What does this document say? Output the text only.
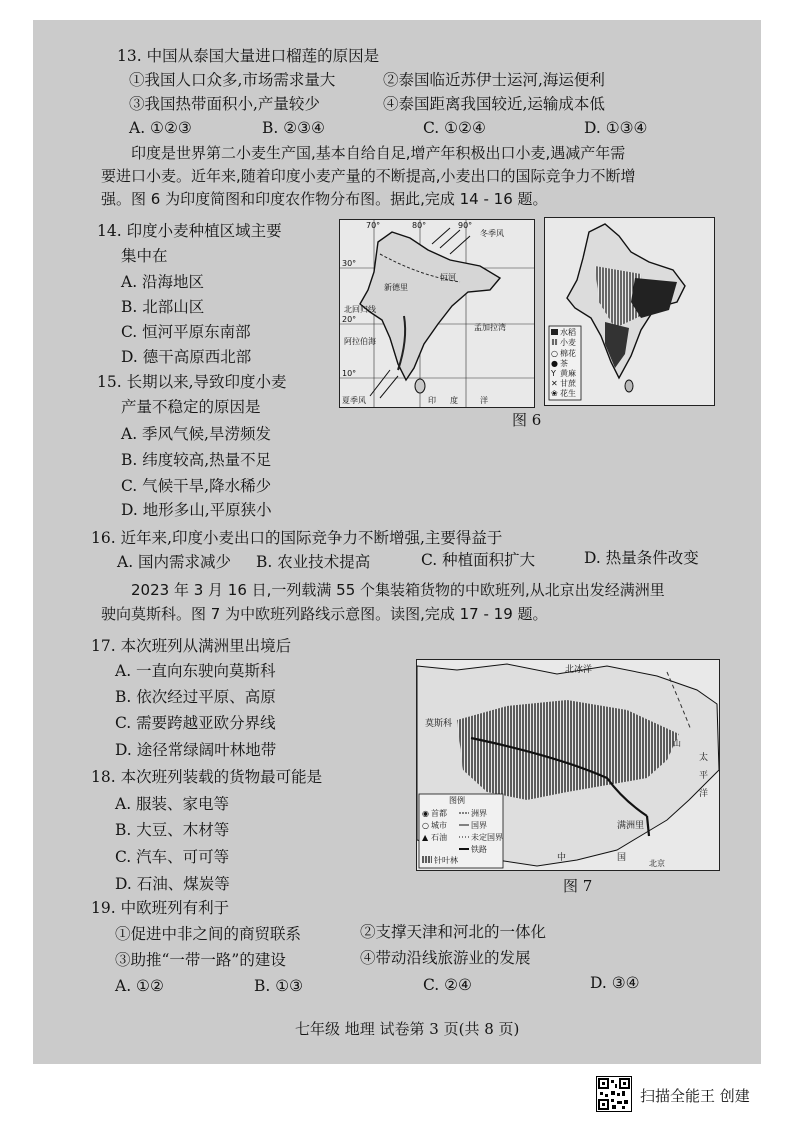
13. 中国从泰国大量进口榴莲的原因是
①我国人口众多,市场需求量大	②泰国临近苏伊士运河,海运便利
③我国热带面积小,产量较少	④泰国距离我国较近,运输成本低
A. ①②③	B. ②③④	C. ①②④	D. ①③④
印度是世界第二小麦生产国,基本自给自足,增产年积极出口小麦,遇减产年需
要进口小麦。近年来,随着印度小麦产量的不断提高,小麦出口的国际竞争力不断增
强。图 6 为印度简图和印度农作物分布图。据此,完成 14 - 16 题。
14. 印度小麦种植区域主要
集中在
A. 沿海地区
B. 北部山区
C. 恒河平原东南部
D. 德干高原西北部
15. 长期以来,导致印度小麦
产量不稳定的原因是
A. 季风气候,旱涝频发
B. 纬度较高,热量不足
C. 气候干旱,降水稀少
D. 地形多山,平原狭小
70°	80°	90°
30°
20°
10°
冬季风
新德里
北回归线
恒河
阿拉伯海
孟加拉湾
夏季风	印 度	洋
水稻
小麦
○ 棉花
● 茶
Y 黄麻
✕ 甘蔗
❀ 花生
图 6
16. 近年来,印度小麦出口的国际竞争力不断增强,主要得益于
A. 国内需求减少 B. 农业技术提高	C. 种植面积扩大	D. 热量条件改变
2023 年 3 月 16 日,一列载满 55 个集装箱货物的中欧班列,从北京出发经满洲里
驶向莫斯科。图 7 为中欧班列路线示意图。读图,完成 17 - 19 题。
17. 本次班列从满洲里出境后
A. 一直向东驶向莫斯科
B. 依次经过平原、高原
C. 需要跨越亚欧分界线
D. 途径常绿阔叶林地带
北冰洋
莫斯科
满洲里
中	国
北京
太
平
洋
山
图例
◉ 首都
○ 城市
▲ 石油
洲界
国界
未定国界
铁路
针叶林
图 7
18. 本次班列装载的货物最可能是
A. 服装、家电等
B. 大豆、木材等
C. 汽车、可可等
D. 石油、煤炭等
19. 中欧班列有利于
①促进中非之间的商贸联系	②支撑天津和河北的一体化
③助推“一带一路”的建设	④带动沿线旅游业的发展
A. ①②	B. ①③	C. ②④	D. ③④
七年级 地理 试卷第 3 页(共 8 页)
扫描全能王 创建
